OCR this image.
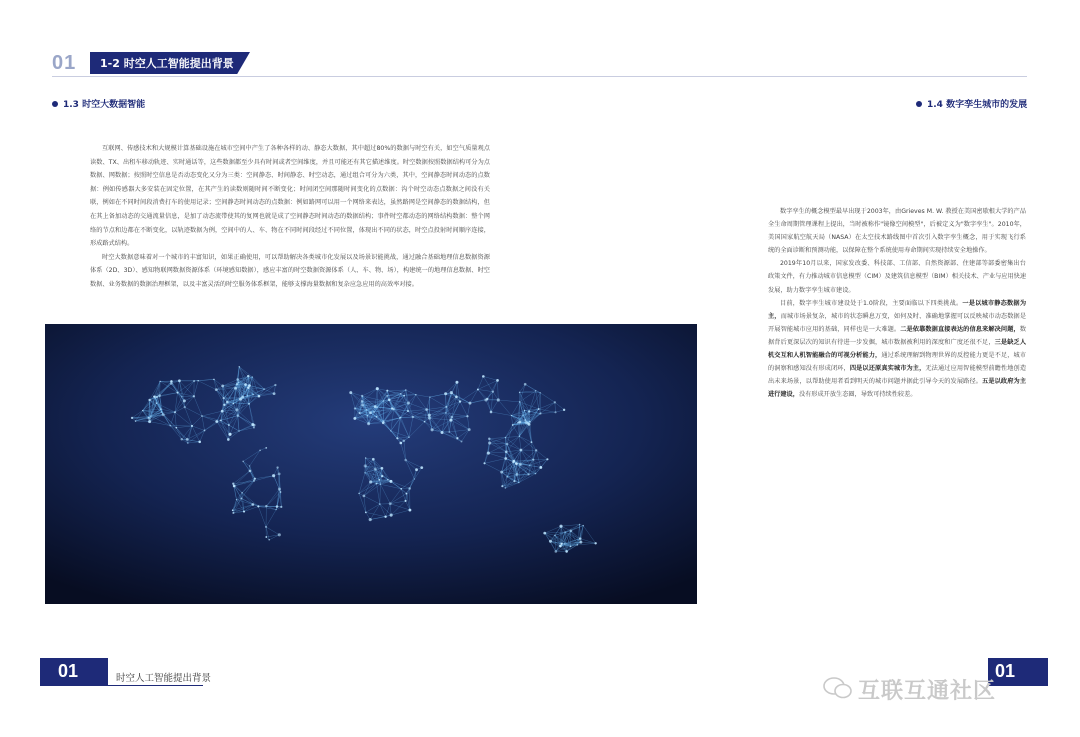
01 1-2 时空人工智能提出背景
1.3 时空大数据智能	1.4 数字孪生城市的发展

互联网、传感技术和大规模计算基础设施在城市空间中产生了各种各样的动、静态大数据，其中超过80%的数据与时空有关，如空气质量观点读数、TX、出租车移动轨迹、实时通话等，这些数据都至少具有时间或者空间维度，并且可能还有其它描述维度。时空数据按照数据结构可分为点数据、网数据；按照时空信息是否动态变化又分为三类：空间静态、时间静态、时空动态，通过组合可分为六类，其中，空间静态时间动态的点数据：例如传感器大多安装在固定位置，在其产生的读数则随时间不断变化；时间闭空间那随时间变化的点数据：沟个时空动态点数据之间没有关联，例如在不同时间段消费打车的使用记录；空间静态时间动态的点数据：例如路网可以用一个网络来表达，虽然路网是空间静态的数据结构，但在其上备加动态的交通流量信息，是加了动态流带使其的复网也就是成了空间静态时间动态的数据结构；事件时空都动态的网络结构数据：整个网络的节点和边都在不断变化，以轨迹数据为例，空间中的人、车、物在不同时间段经过不同位置，体现出不同的状态，时空点投射时间顺序连接，形成路式结构。

时空大数据意味着对一个城市的丰富知识，如果正确使用，可以帮助解决各类城市化发展以及场景识能挑战，通过融合基础地理信息数据资源体系（2D、3D）、感知物联网数据资源体系（环境感知数据），感应丰富的时空数据资源体系（人、车、物、场），构建统一的地理信息数据、时空数据、业务数据的数据治理框架，以及丰富灵活的时空服务体系框架，能够支撑海量数据和复杂应急应用的高效率对接。

数字孪生的概念模型最早出现于2003年，由Grieves M. W. 教授在美国密歇根大学的产品全生命周期管理课程上提出，当时被称作"镜像空间模型"，后被定义为"数字孪生"。2010年，美国国家航空航天局（NASA）在太空技术路线图中首次引入数字孪生概念，用于实现飞行系统的全面诊断和预测功能，以保障在整个系统使用寿命期间实现持续安全地操作。

2019年10月以来，国家发改委、科技部、工信部、自然资源部、住建部等部委密集出台政策文件，有力推动城市信息模型（CIM）及建筑信息模型（BIM）相关技术、产业与应用快速发展，助力数字孪生城市建设。

目前，数字孪生城市建设处于1.0阶段，主要面临以下四类挑战。一是以城市静态数据为主，而城市场景复杂，城市的状态瞬息万变，如何及时、准确地掌握可以反映城市动态数据是开展智能城市应用的基础，同样也是一大难题。二是依靠数据直接表达的信息来解决问题，数据背后更深层次的知识有待进一步发掘，城市数据被利用的深度和广度还很不足，三是缺乏人机交互和人机智能融合的可视分析能力，通过系统理解到物理世界的反控能力更是不足，城市的洞察和感知没有形成闭环，四是以还原真实城市为主，无法通过应用智能模型前瞻性地创造出未来场景，以帮助使用者看到明天的城市问题并据此引导今天的发展路径。五是以政府为主进行建设，没有形成开放生态圈，导致可持续性较差。

01	时空人工智能提出背景	01
互联互通社区
